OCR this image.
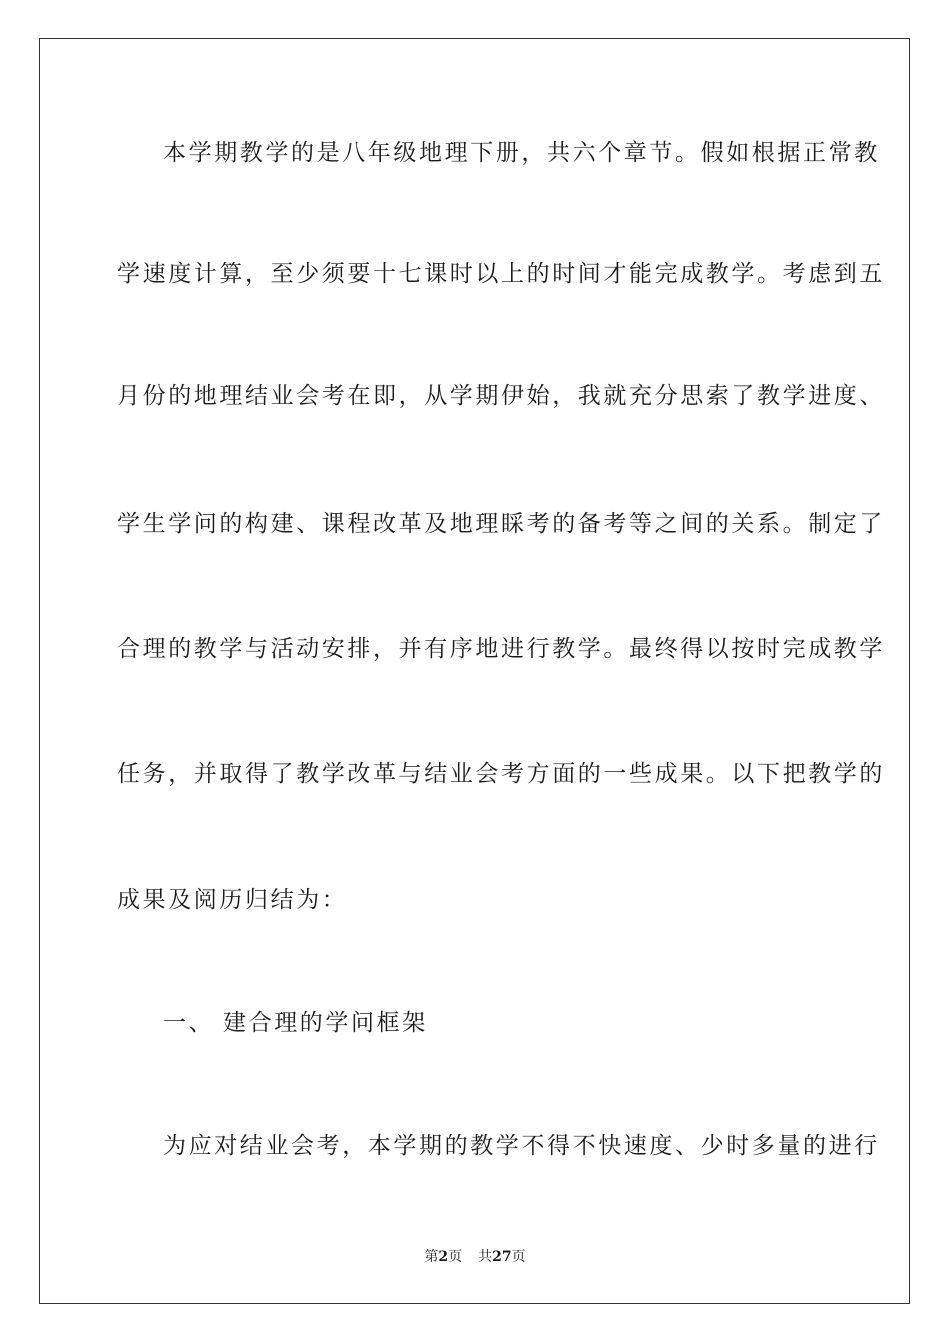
本学期教学的是八年级地理下册，共六个章节。假如根据正常教
学速度计算，至少须要十七课时以上的时间才能完成教学。考虑到五
月份的地理结业会考在即，从学期伊始，我就充分思索了教学进度、
学生学问的构建、课程改革及地理睬考的备考等之间的关系。制定了
合理的教学与活动安排，并有序地进行教学。最终得以按时完成教学
任务，并取得了教学改革与结业会考方面的一些成果。以下把教学的
成果及阅历归结为：
一、 建合理的学问框架
为应对结业会考，本学期的教学不得不快速度、少时多量的进行
第2页 共27页
